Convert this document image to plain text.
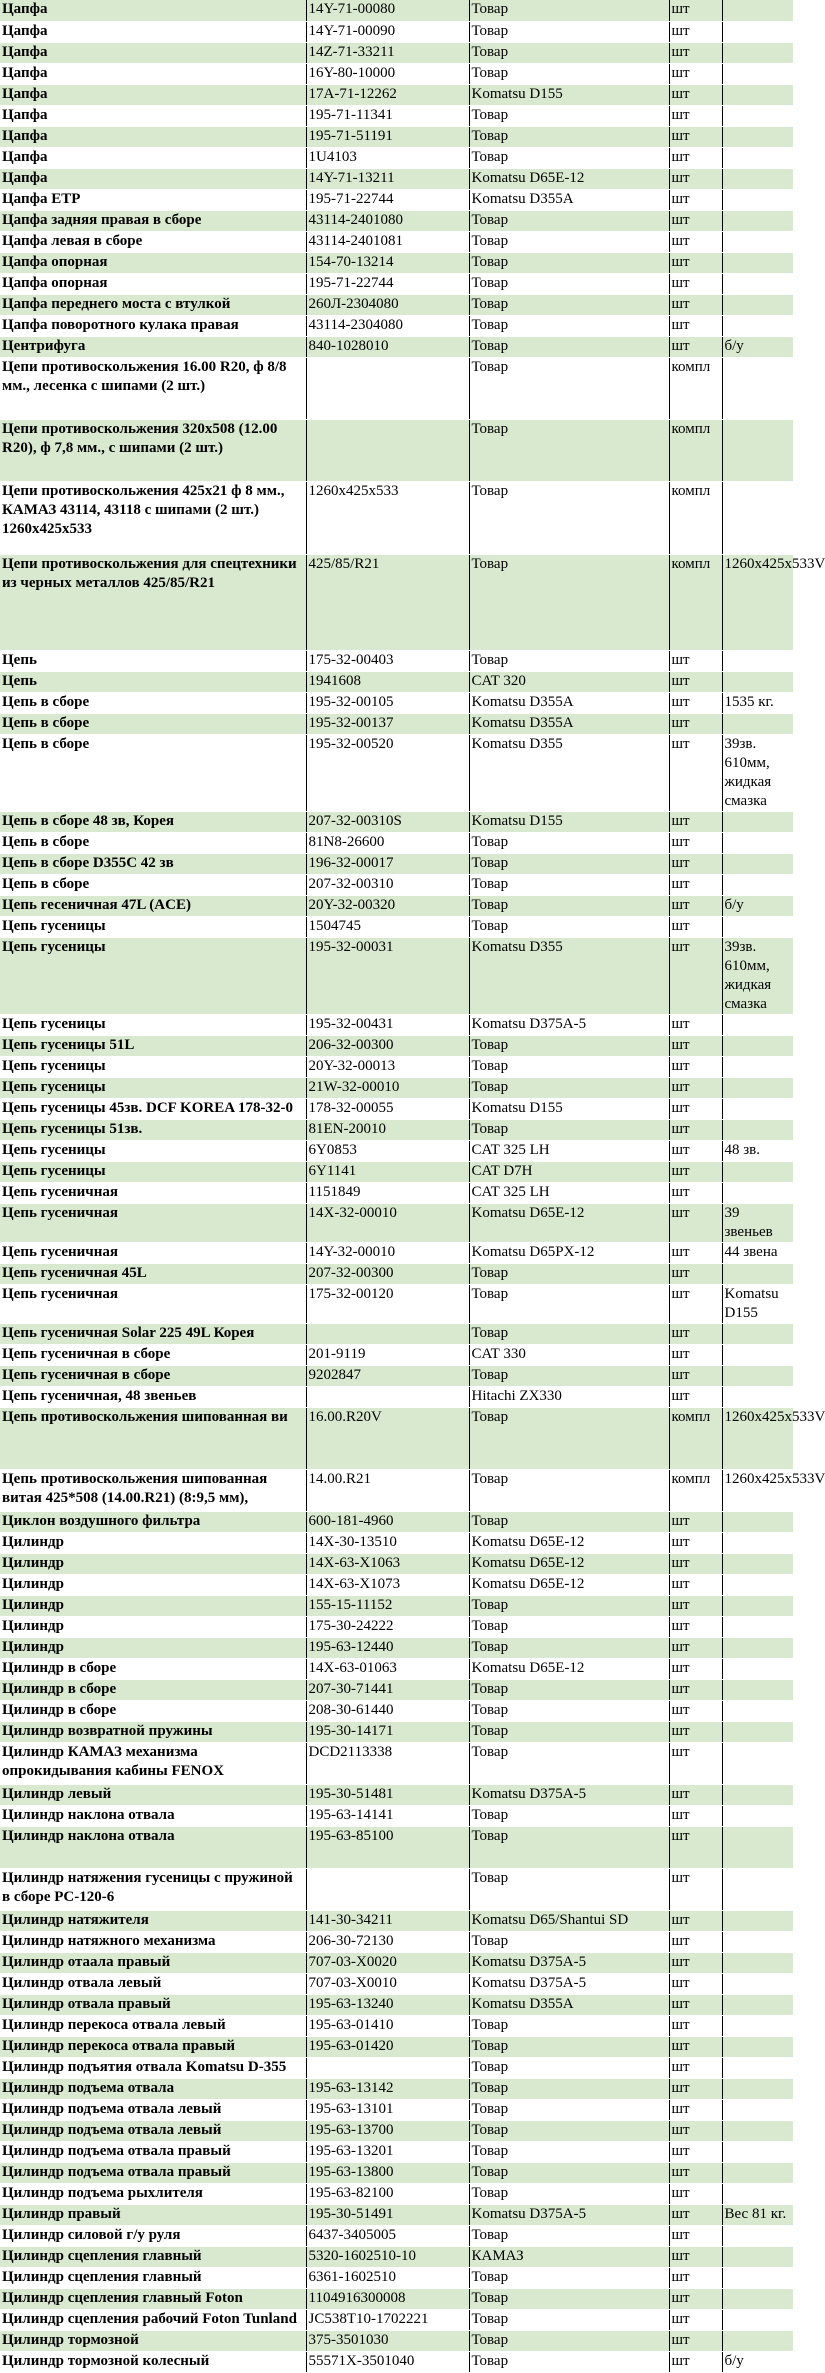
Цапфа	14Y-71-00080	Товар	шт	
Цапфа	14Y-71-00090	Товар	шт	
Цапфа	14Z-71-33211	Товар	шт	
Цапфа	16Y-80-10000	Товар	шт	
Цапфа	17A-71-12262	Komatsu D155	шт	
Цапфа	195-71-11341	Товар	шт	
Цапфа	195-71-51191	Товар	шт	
Цапфа	1U4103	Товар	шт	
Цапфа	14Y-71-13211	Komatsu D65E-12	шт	
Цапфа ETP	195-71-22744	Komatsu D355A	шт	
Цапфа задняя правая в сборе	43114-2401080	Товар	шт	
Цапфа левая в сборе	43114-2401081	Товар	шт	
Цапфа опорная	154-70-13214	Товар	шт	
Цапфа опорная	195-71-22744	Товар	шт	
Цапфа переднего моста с втулкой	260Л-2304080	Товар	шт	
Цапфа поворотного кулака правая	43114-2304080	Товар	шт	
Центрифуга	840-1028010	Товар	шт	б/у
Цепи противоскольжения 16.00 R20, ф 8/8 мм., лесенка с шипами (2 шт.)		Товар	компл	
Цепи противоскольжения 320х508 (12.00 R20), ф 7,8 мм., с шипами (2 шт.)		Товар	компл	
Цепи противоскольжения 425х21 ф 8 мм., КАМАЗ 43114, 43118 с шипами (2 шт.) 1260х425х533	1260х425х533	Товар	компл	
Цепи противоскольжения для спецтехники из черных металлов 425/85/R21	425/85/R21	Товар	компл	1260х425х533V
Цепь	175-32-00403	Товар	шт	
Цепь	1941608	CAT 320	шт	
Цепь в сборе	195-32-00105	Komatsu D355A	шт	1535 кг.
Цепь в сборе	195-32-00137	Komatsu D355A	шт	
Цепь в сборе	195-32-00520	Komatsu D355	шт	39зв. 610мм, жидкая смазка
Цепь в сборе 48 зв, Корея	207-32-00310S	Komatsu D155	шт	
Цепь в сборе	81N8-26600	Товар	шт	
Цепь в сборе D355C 42 зв	196-32-00017	Товар	шт	
Цепь в сборе	207-32-00310	Товар	шт	
Цепь гесеничная 47L (ACE)	20Y-32-00320	Товар	шт	б/у
Цепь гусеницы	1504745	Товар	шт	
Цепь гусеницы	195-32-00031	Komatsu D355	шт	39зв. 610мм, жидкая смазка
Цепь гусеницы	195-32-00431	Komatsu D375A-5	шт	
Цепь гусеницы 51L	206-32-00300	Товар	шт	
Цепь гусеницы	20Y-32-00013	Товар	шт	
Цепь гусеницы	21W-32-00010	Товар	шт	
Цепь гусеницы 45зв. DCF KOREA 178-32-0	178-32-00055	Komatsu D155	шт	
Цепь гусеницы 51зв.	81EN-20010	Товар	шт	
Цепь гусеницы	6Y0853	CAT 325 LH	шт	48 зв.
Цепь гусеницы	6Y1141	CAT D7H	шт	
Цепь гусеничная	1151849	CAT 325 LH	шт	
Цепь гусеничная	14X-32-00010	Komatsu D65E-12	шт	39 звеньев
Цепь гусеничная	14Y-32-00010	Komatsu D65PX-12	шт	44 звена
Цепь гусеничная 45L	207-32-00300	Товар	шт	
Цепь гусеничная	175-32-00120	Товар	шт	Komatsu D155
Цепь гусеничная Solar 225 49L Корея		Товар	шт	
Цепь гусеничная в сборе	201-9119	CAT 330	шт	
Цепь гусеничная в сборе	9202847	Товар	шт	
Цепь гусеничная, 48 звеньев		Hitachi ZX330	шт	
Цепь противоскольжения шипованная ви	16.00.R20V	Товар	компл	1260х425х533V
Цепь противоскольжения шипованная витая 425*508 (14.00.R21) (8:9,5 мм),	14.00.R21	Товар	компл	1260х425х533V
Циклон воздушного фильтра	600-181-4960	Товар	шт	
Цилиндр	14X-30-13510	Komatsu D65E-12	шт	
Цилиндр	14X-63-X1063	Komatsu D65E-12	шт	
Цилиндр	14X-63-X1073	Komatsu D65E-12	шт	
Цилиндр	155-15-11152	Товар	шт	
Цилиндр	175-30-24222	Товар	шт	
Цилиндр	195-63-12440	Товар	шт	
Цилиндр в сборе	14X-63-01063	Komatsu D65E-12	шт	
Цилиндр в сборе	207-30-71441	Товар	шт	
Цилиндр в сборе	208-30-61440	Товар	шт	
Цилиндр возвратной пружины	195-30-14171	Товар	шт	
Цилиндр КАМАЗ механизма опрокидывания кабины FENOX	DCD2113338	Товар	шт	
Цилиндр левый	195-30-51481	Komatsu D375A-5	шт	
Цилиндр наклона отвала	195-63-14141	Товар	шт	
Цилиндр наклона отвала	195-63-85100	Товар	шт	
Цилиндр натяжения гусеницы с пружиной в сборе PC-120-6		Товар	шт	
Цилиндр натяжителя	141-30-34211	Komatsu D65/Shantui SD	шт	
Цилиндр натяжного механизма	206-30-72130	Товар	шт	
Цилиндр отаала правый	707-03-X0020	Komatsu D375A-5	шт	
Цилиндр отвала левый	707-03-X0010	Komatsu D375A-5	шт	
Цилиндр отвала правый	195-63-13240	Komatsu D355A	шт	
Цилиндр перекоса отвала левый	195-63-01410	Товар	шт	
Цилиндр перекоса отвала правый	195-63-01420	Товар	шт	
Цилиндр подъятия отвала Komatsu D-355		Товар	шт	
Цилиндр подъема отвала	195-63-13142	Товар	шт	
Цилиндр подъема отвала левый	195-63-13101	Товар	шт	
Цилиндр подъема отвала левый	195-63-13700	Товар	шт	
Цилиндр подъема отвала правый	195-63-13201	Товар	шт	
Цилиндр подъема отвала правый	195-63-13800	Товар	шт	
Цилиндр подъема рыхлителя	195-63-82100	Товар	шт	
Цилиндр правый	195-30-51491	Komatsu D375A-5	шт	Вес 81 кг.
Цилиндр силовой г/у руля	6437-3405005	Товар	шт	
Цилиндр сцепления главный	5320-1602510-10	КАМАЗ	шт	
Цилиндр сцепления главный	6361-1602510	Товар	шт	
Цилиндр сцепления главный Foton	1104916300008	Товар	шт	
Цилиндр сцепления рабочий Foton Tunland	JC538T10-1702221	Товар	шт	
Цилиндр тормозной	375-3501030	Товар	шт	
Цилиндр тормозной колесный	55571X-3501040	Товар	шт	б/у
